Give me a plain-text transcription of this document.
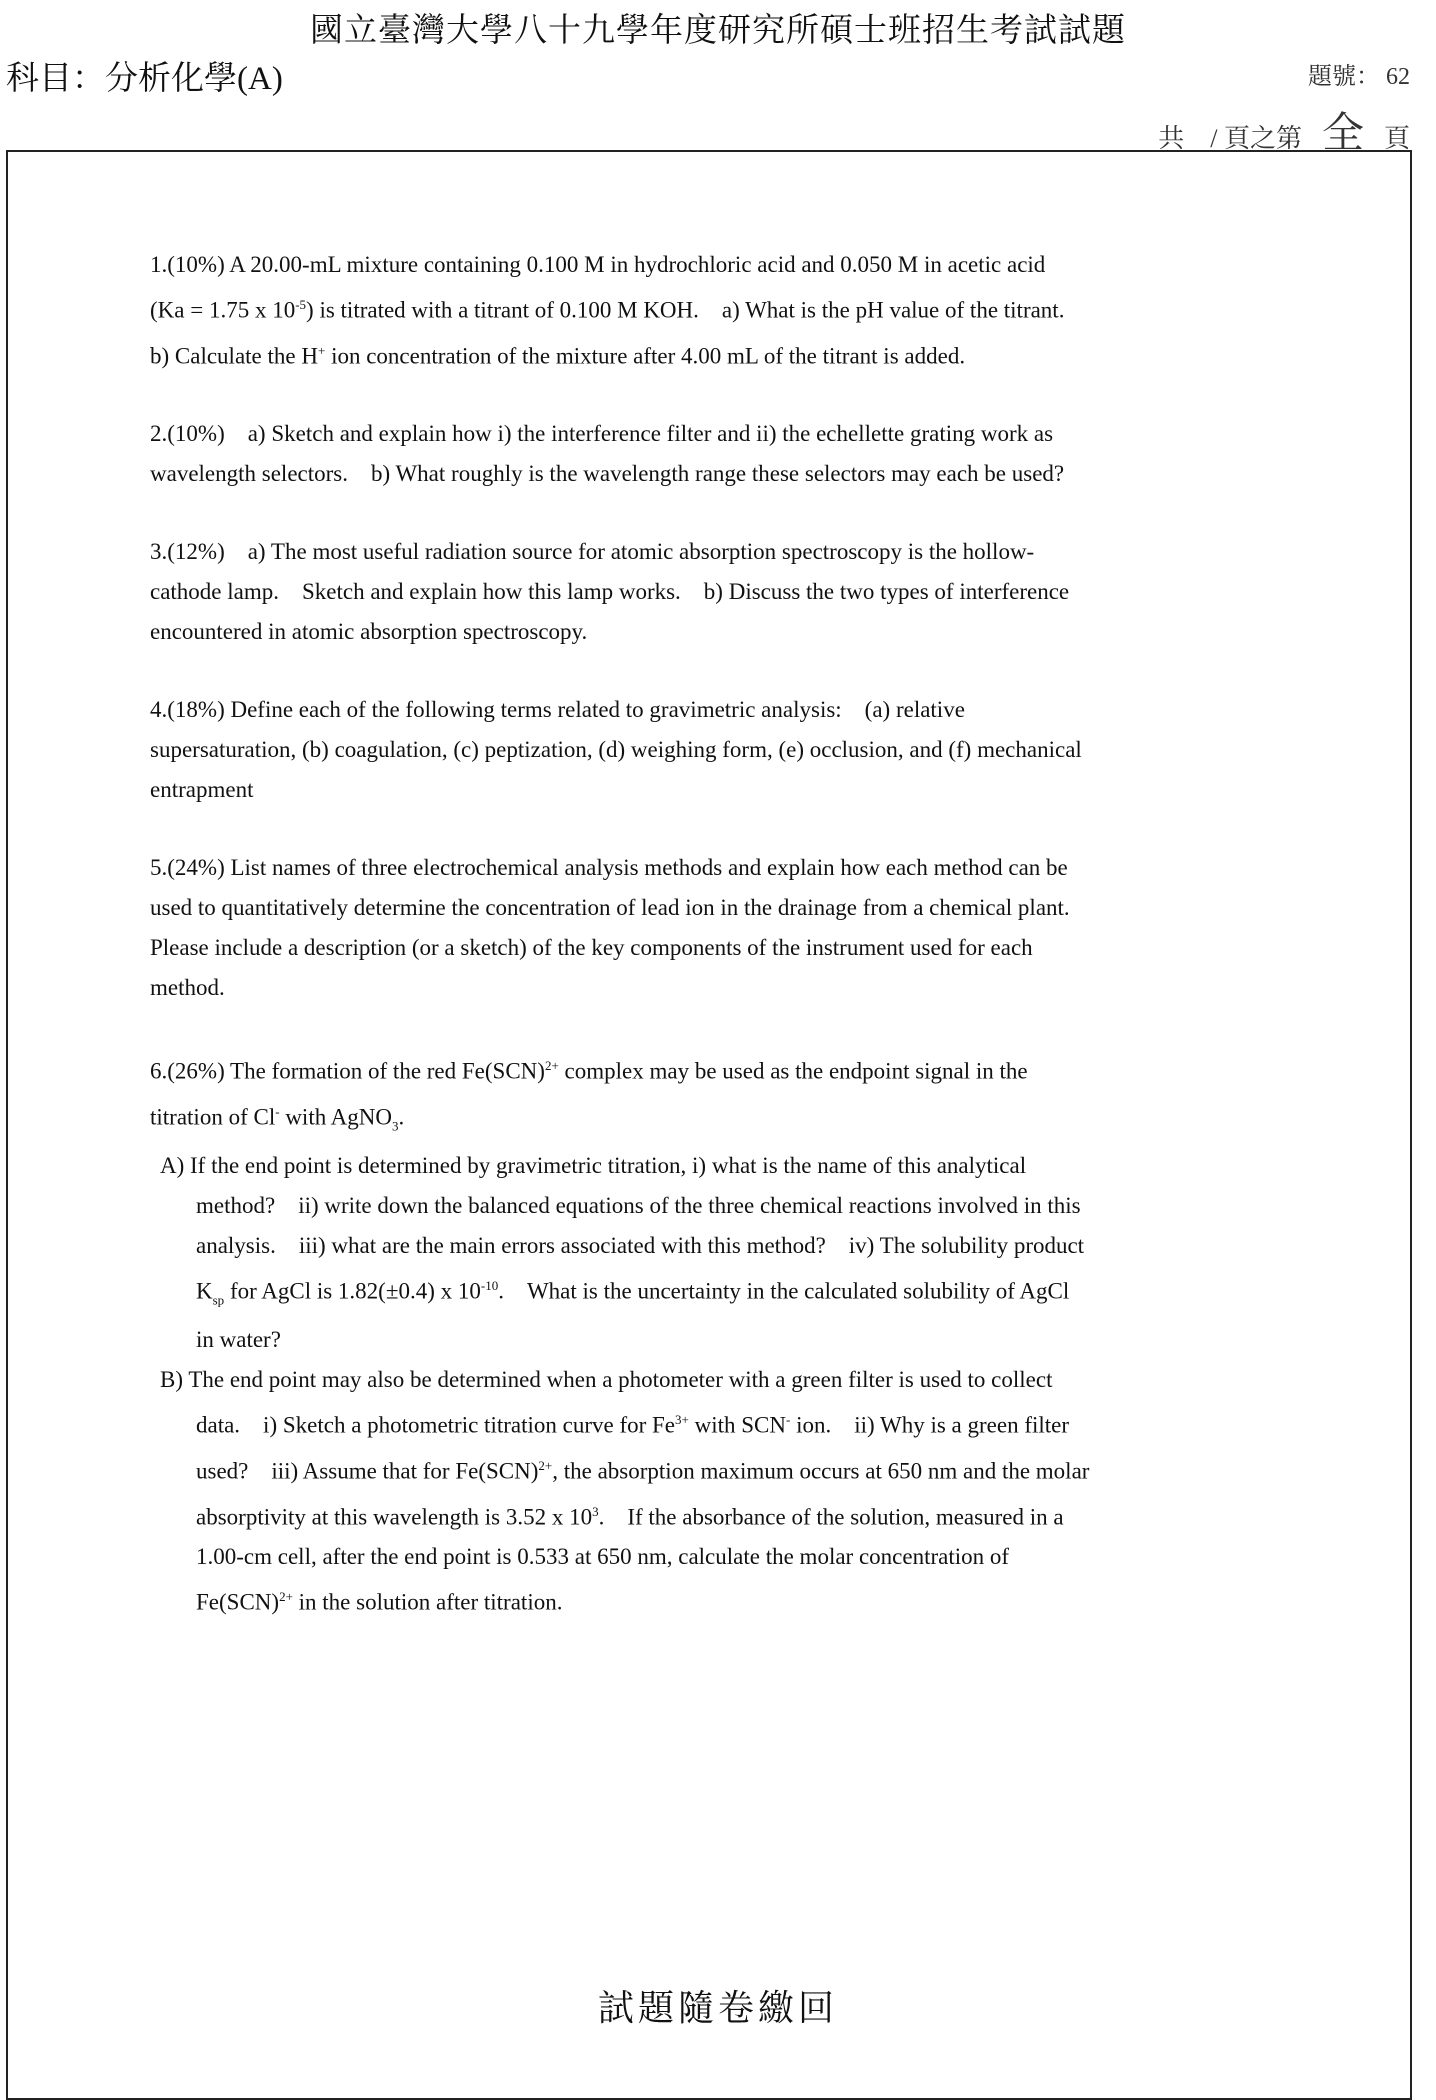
國立臺灣大學八十九學年度研究所碩士班招生考試試題
科目：分析化學(A)	題號： 62
共　/ 頁之第 全 頁

1.(10%) A 20.00-mL mixture containing 0.100 M in hydrochloric acid and 0.050 M in acetic acid

(Ka = 1.75 x $10^{-5}$) is titrated with a titrant of 0.100 M KOH.　a) What is the pH value of the titrant.

b) Calculate the H+ ion concentration of the mixture after 4.00 mL of the titrant is added.

2.(10%)　a) Sketch and explain how i) the interference filter and ii) the echellette grating work as

wavelength selectors.　b) What roughly is the wavelength range these selectors may each be used?

3.(12%)　a) The most useful radiation source for atomic absorption spectroscopy is the hollow-

cathode lamp.　Sketch and explain how this lamp works.　b) Discuss the two types of interference

encountered in atomic absorption spectroscopy.

4.(18%) Define each of the following terms related to gravimetric analysis:　(a) relative

supersaturation, (b) coagulation, (c) peptization, (d) weighing form, (e) occlusion, and (f) mechanical

entrapment

5.(24%) List names of three electrochemical analysis methods and explain how each method can be

used to quantitatively determine the concentration of lead ion in the drainage from a chemical plant.

Please include a description (or a sketch) of the key components of the instrument used for each

method.

6.(26%) The formation of the red Fe(SCN)$^{2+}$ complex may be used as the endpoint signal in the

titration of Cl- with AgNO$_3$.

A) If the end point is determined by gravimetric titration, i) what is the name of this analytical

method?　ii) write down the balanced equations of the three chemical reactions involved in this

analysis.　iii) what are the main errors associated with this method?　iv) The solubility product

$K_{sp}$ for AgCl is 1.82(±0.4) x $10^{-10}$.　What is the uncertainty in the calculated solubility of AgCl

in water?

B) The end point may also be determined when a photometer with a green filter is used to collect

data.　i) Sketch a photometric titration curve for $Fe^{3+}$ with SCN- ion.　ii) Why is a green filter

used?　iii) Assume that for Fe(SCN)$^{2+}$, the absorption maximum occurs at 650 nm and the molar

absorptivity at this wavelength is 3.52 x $10^3$.　If the absorbance of the solution, measured in a

1.00-cm cell, after the end point is 0.533 at 650 nm, calculate the molar concentration of

Fe(SCN)$^{2+}$ in the solution after titration.

試題隨卷繳回
